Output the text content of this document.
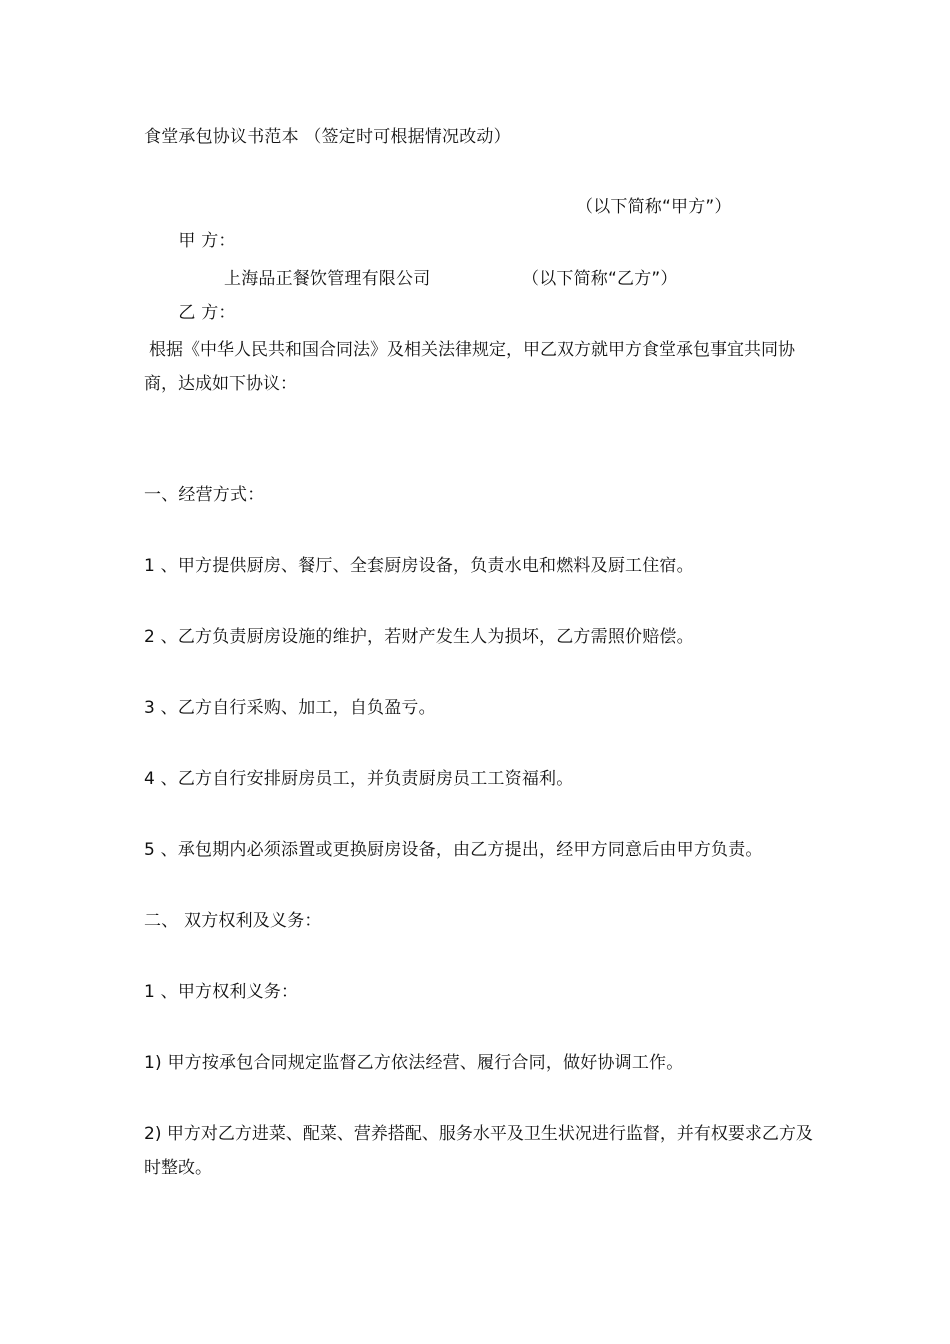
食堂承包协议书范本 （签定时可根据情况改动）

甲 方：

（以下简称“甲方”）

乙 方：

上海品正餐饮管理有限公司

	（以下简称“乙方”）

根据《中华人民共和国合同法》及相关法律规定，甲乙双方就甲方食堂承包事宜共同协商，达成如下协议：
一、经营方式：
1 、甲方提供厨房、餐厅、全套厨房设备，负责水电和燃料及厨工住宿。
2 、乙方负责厨房设施的维护，若财产发生人为损坏，乙方需照价赔偿。
3 、乙方自行采购、加工，自负盈亏。
4 、乙方自行安排厨房员工，并负责厨房员工工资福利。
5 、承包期内必须添置或更换厨房设备，由乙方提出，经甲方同意后由甲方负责。
二、 双方权利及义务：
1 、甲方权利义务：
1) 甲方按承包合同规定监督乙方依法经营、履行合同，做好协调工作。
2) 甲方对乙方进菜、配菜、营养搭配、服务水平及卫生状况进行监督，并有权要求乙方及时整改。
